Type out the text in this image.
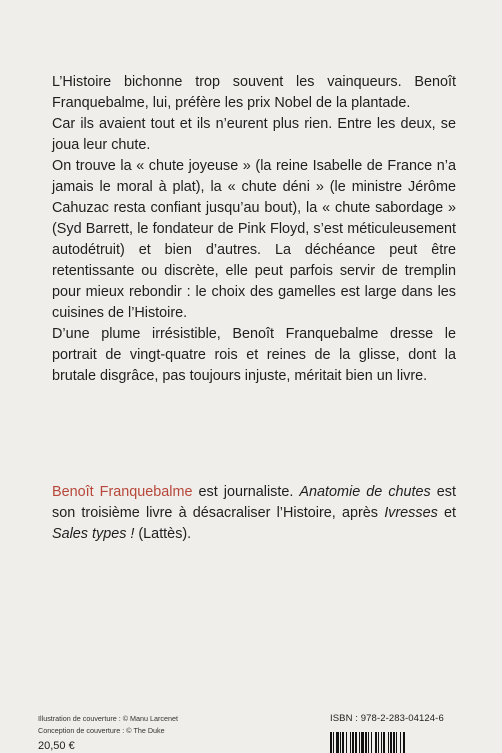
L’Histoire bichonne trop souvent les vainqueurs. Benoît Franquebalme, lui, préfère les prix Nobel de la plantade.

Car ils avaient tout et ils n’eurent plus rien. Entre les deux, se joua leur chute.

On trouve la « chute joyeuse » (la reine Isabelle de France n’a jamais le moral à plat), la « chute déni » (le ministre Jérôme Cahuzac resta confiant jusqu’au bout), la « chute sabordage » (Syd Barrett, le fondateur de Pink Floyd, s’est méticuleusement autodétruit) et bien d’autres. La déchéance peut être retentissante ou discrète, elle peut parfois servir de tremplin pour mieux rebondir : le choix des gamelles est large dans les cuisines de l’Histoire.

D’une plume irrésistible, Benoît Franquebalme dresse le portrait de vingt-quatre rois et reines de la glisse, dont la brutale disgrâce, pas toujours injuste, méritait bien un livre.

Benoît Franquebalme est journaliste. Anatomie de chutes est son troisième livre à désacraliser l’Histoire, après Ivresses et Sales types ! (Lattès).

Illustration de couverture : © Manu Larcenet
Conception de couverture : © The Duke
ISBN : 978-2-283-04124-6
20,50 €
